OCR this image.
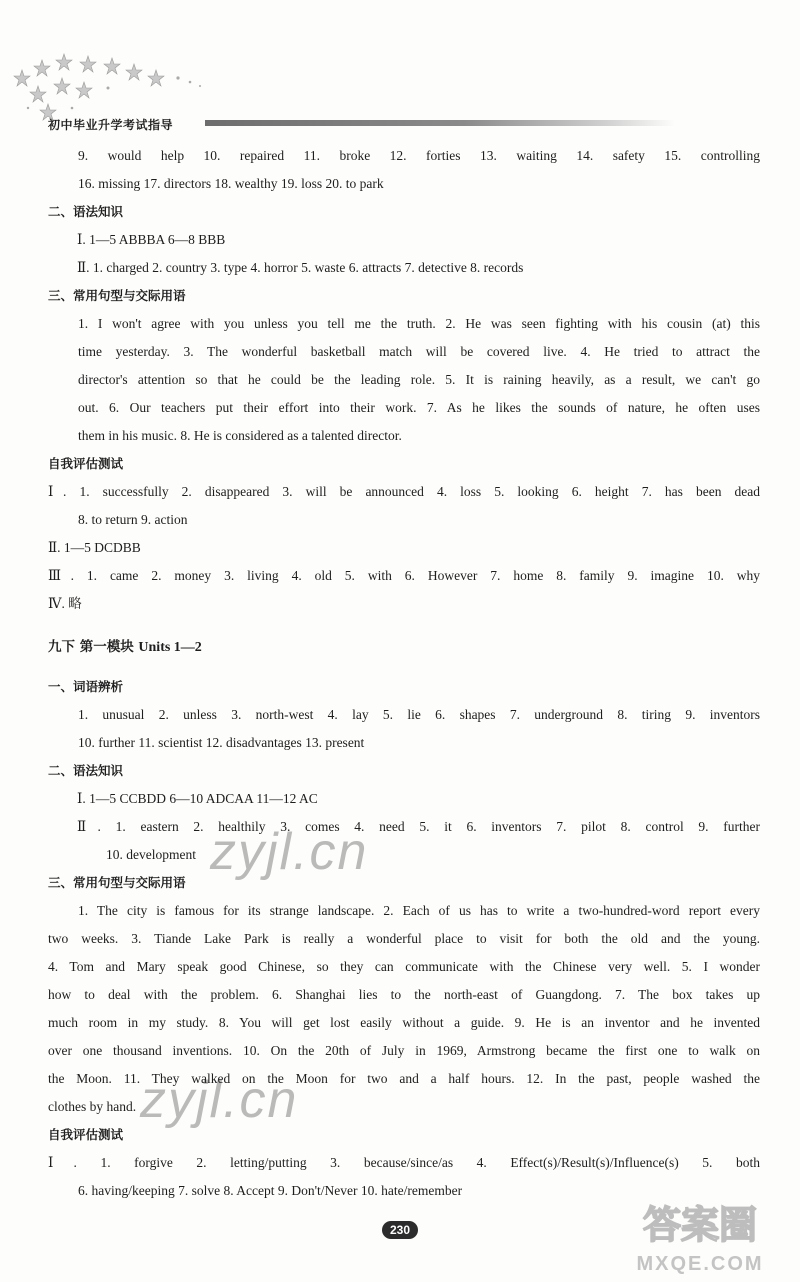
初中毕业升学考试指导
9. would help 10. repaired 11. broke 12. forties 13. waiting 14. safety 15. controlling
16. missing 17. directors 18. wealthy 19. loss 20. to park
二、语法知识
Ⅰ. 1—5 ABBBA 6—8 BBB
Ⅱ. 1. charged 2. country 3. type 4. horror 5. waste 6. attracts 7. detective 8. records
三、常用句型与交际用语
1. I won't agree with you unless you tell me the truth. 2. He was seen fighting with his cousin (at) this
time yesterday. 3. The wonderful basketball match will be covered live. 4. He tried to attract the
director's attention so that he could be the leading role. 5. It is raining heavily, as a result, we can't go
out. 6. Our teachers put their effort into their work. 7. As he likes the sounds of nature, he often uses
them in his music. 8. He is considered as a talented director.
自我评估测试
Ⅰ. 1. successfully 2. disappeared 3. will be announced 4. loss 5. looking 6. height 7. has been dead
8. to return 9. action
Ⅱ. 1—5 DCDBB
Ⅲ. 1. came 2. money 3. living 4. old 5. with 6. However 7. home 8. family 9. imagine 10. why
Ⅳ. 略
九下 第一模块 Units 1—2
一、词语辨析
1. unusual 2. unless 3. north-west 4. lay 5. lie 6. shapes 7. underground 8. tiring 9. inventors
10. further 11. scientist 12. disadvantages 13. present
二、语法知识
Ⅰ. 1—5 CCBDD 6—10 ADCAA 11—12 AC
Ⅱ. 1. eastern 2. healthily 3. comes 4. need 5. it 6. inventors 7. pilot 8. control 9. further
10. development
三、常用句型与交际用语
1. The city is famous for its strange landscape. 2. Each of us has to write a two-hundred-word report every
two weeks. 3. Tiande Lake Park is really a wonderful place to visit for both the old and the young.
4. Tom and Mary speak good Chinese, so they can communicate with the Chinese very well. 5. I wonder
how to deal with the problem. 6. Shanghai lies to the north-east of Guangdong. 7. The box takes up
much room in my study. 8. You will get lost easily without a guide. 9. He is an inventor and he invented
over one thousand inventions. 10. On the 20th of July in 1969, Armstrong became the first one to walk on
the Moon. 11. They walked on the Moon for two and a half hours. 12. In the past, people washed the
clothes by hand.
自我评估测试
Ⅰ. 1. forgive 2. letting/putting 3. because/since/as 4. Effect(s)/Result(s)/Influence(s) 5. both
6. having/keeping 7. solve 8. Accept 9. Don't/Never 10. hate/remember
zyjl.cn
zyjl.cn
230	答案圈
MXQE.COM
